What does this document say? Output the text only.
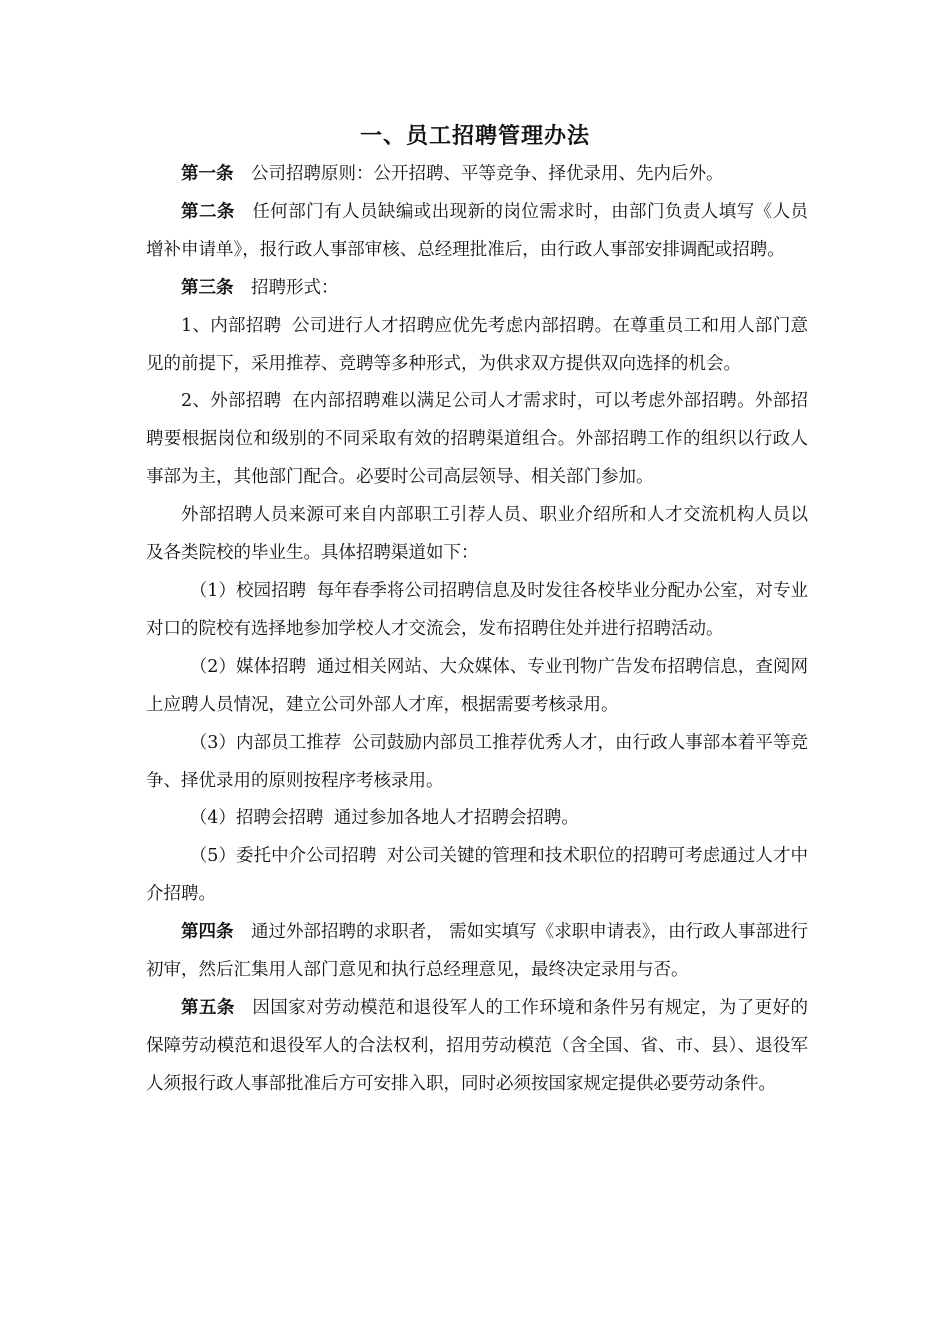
一、员工招聘管理办法

第一条 公司招聘原则：公开招聘、平等竞争、择优录用、先内后外。

第二条 任何部门有人员缺编或出现新的岗位需求时，由部门负责人填写《人员增补申请单》，报行政人事部审核、总经理批准后，由行政人事部安排调配或招聘。

第三条 招聘形式：

1、内部招聘 公司进行人才招聘应优先考虑内部招聘。在尊重员工和用人部门意见的前提下，采用推荐、竞聘等多种形式，为供求双方提供双向选择的机会。

2、外部招聘 在内部招聘难以满足公司人才需求时，可以考虑外部招聘。外部招聘要根据岗位和级别的不同采取有效的招聘渠道组合。外部招聘工作的组织以行政人事部为主，其他部门配合。必要时公司高层领导、相关部门参加。

外部招聘人员来源可来自内部职工引荐人员、职业介绍所和人才交流机构人员以及各类院校的毕业生。具体招聘渠道如下：

（1）校园招聘 每年春季将公司招聘信息及时发往各校毕业分配办公室，对专业对口的院校有选择地参加学校人才交流会，发布招聘住处并进行招聘活动。

（2）媒体招聘 通过相关网站、大众媒体、专业刊物广告发布招聘信息，查阅网上应聘人员情况，建立公司外部人才库，根据需要考核录用。

（3）内部员工推荐 公司鼓励内部员工推荐优秀人才，由行政人事部本着平等竞争、择优录用的原则按程序考核录用。

（4）招聘会招聘 通过参加各地人才招聘会招聘。

（5）委托中介公司招聘 对公司关键的管理和技术职位的招聘可考虑通过人才中介招聘。

第四条 通过外部招聘的求职者， 需如实填写《求职申请表》，由行政人事部进行初审，然后汇集用人部门意见和执行总经理意见，最终决定录用与否。

第五条 因国家对劳动模范和退役军人的工作环境和条件另有规定，为了更好的保障劳动模范和退役军人的合法权利，招用劳动模范（含全国、省、市、县）、退役军人须报行政人事部批准后方可安排入职，同时必须按国家规定提供必要劳动条件。
